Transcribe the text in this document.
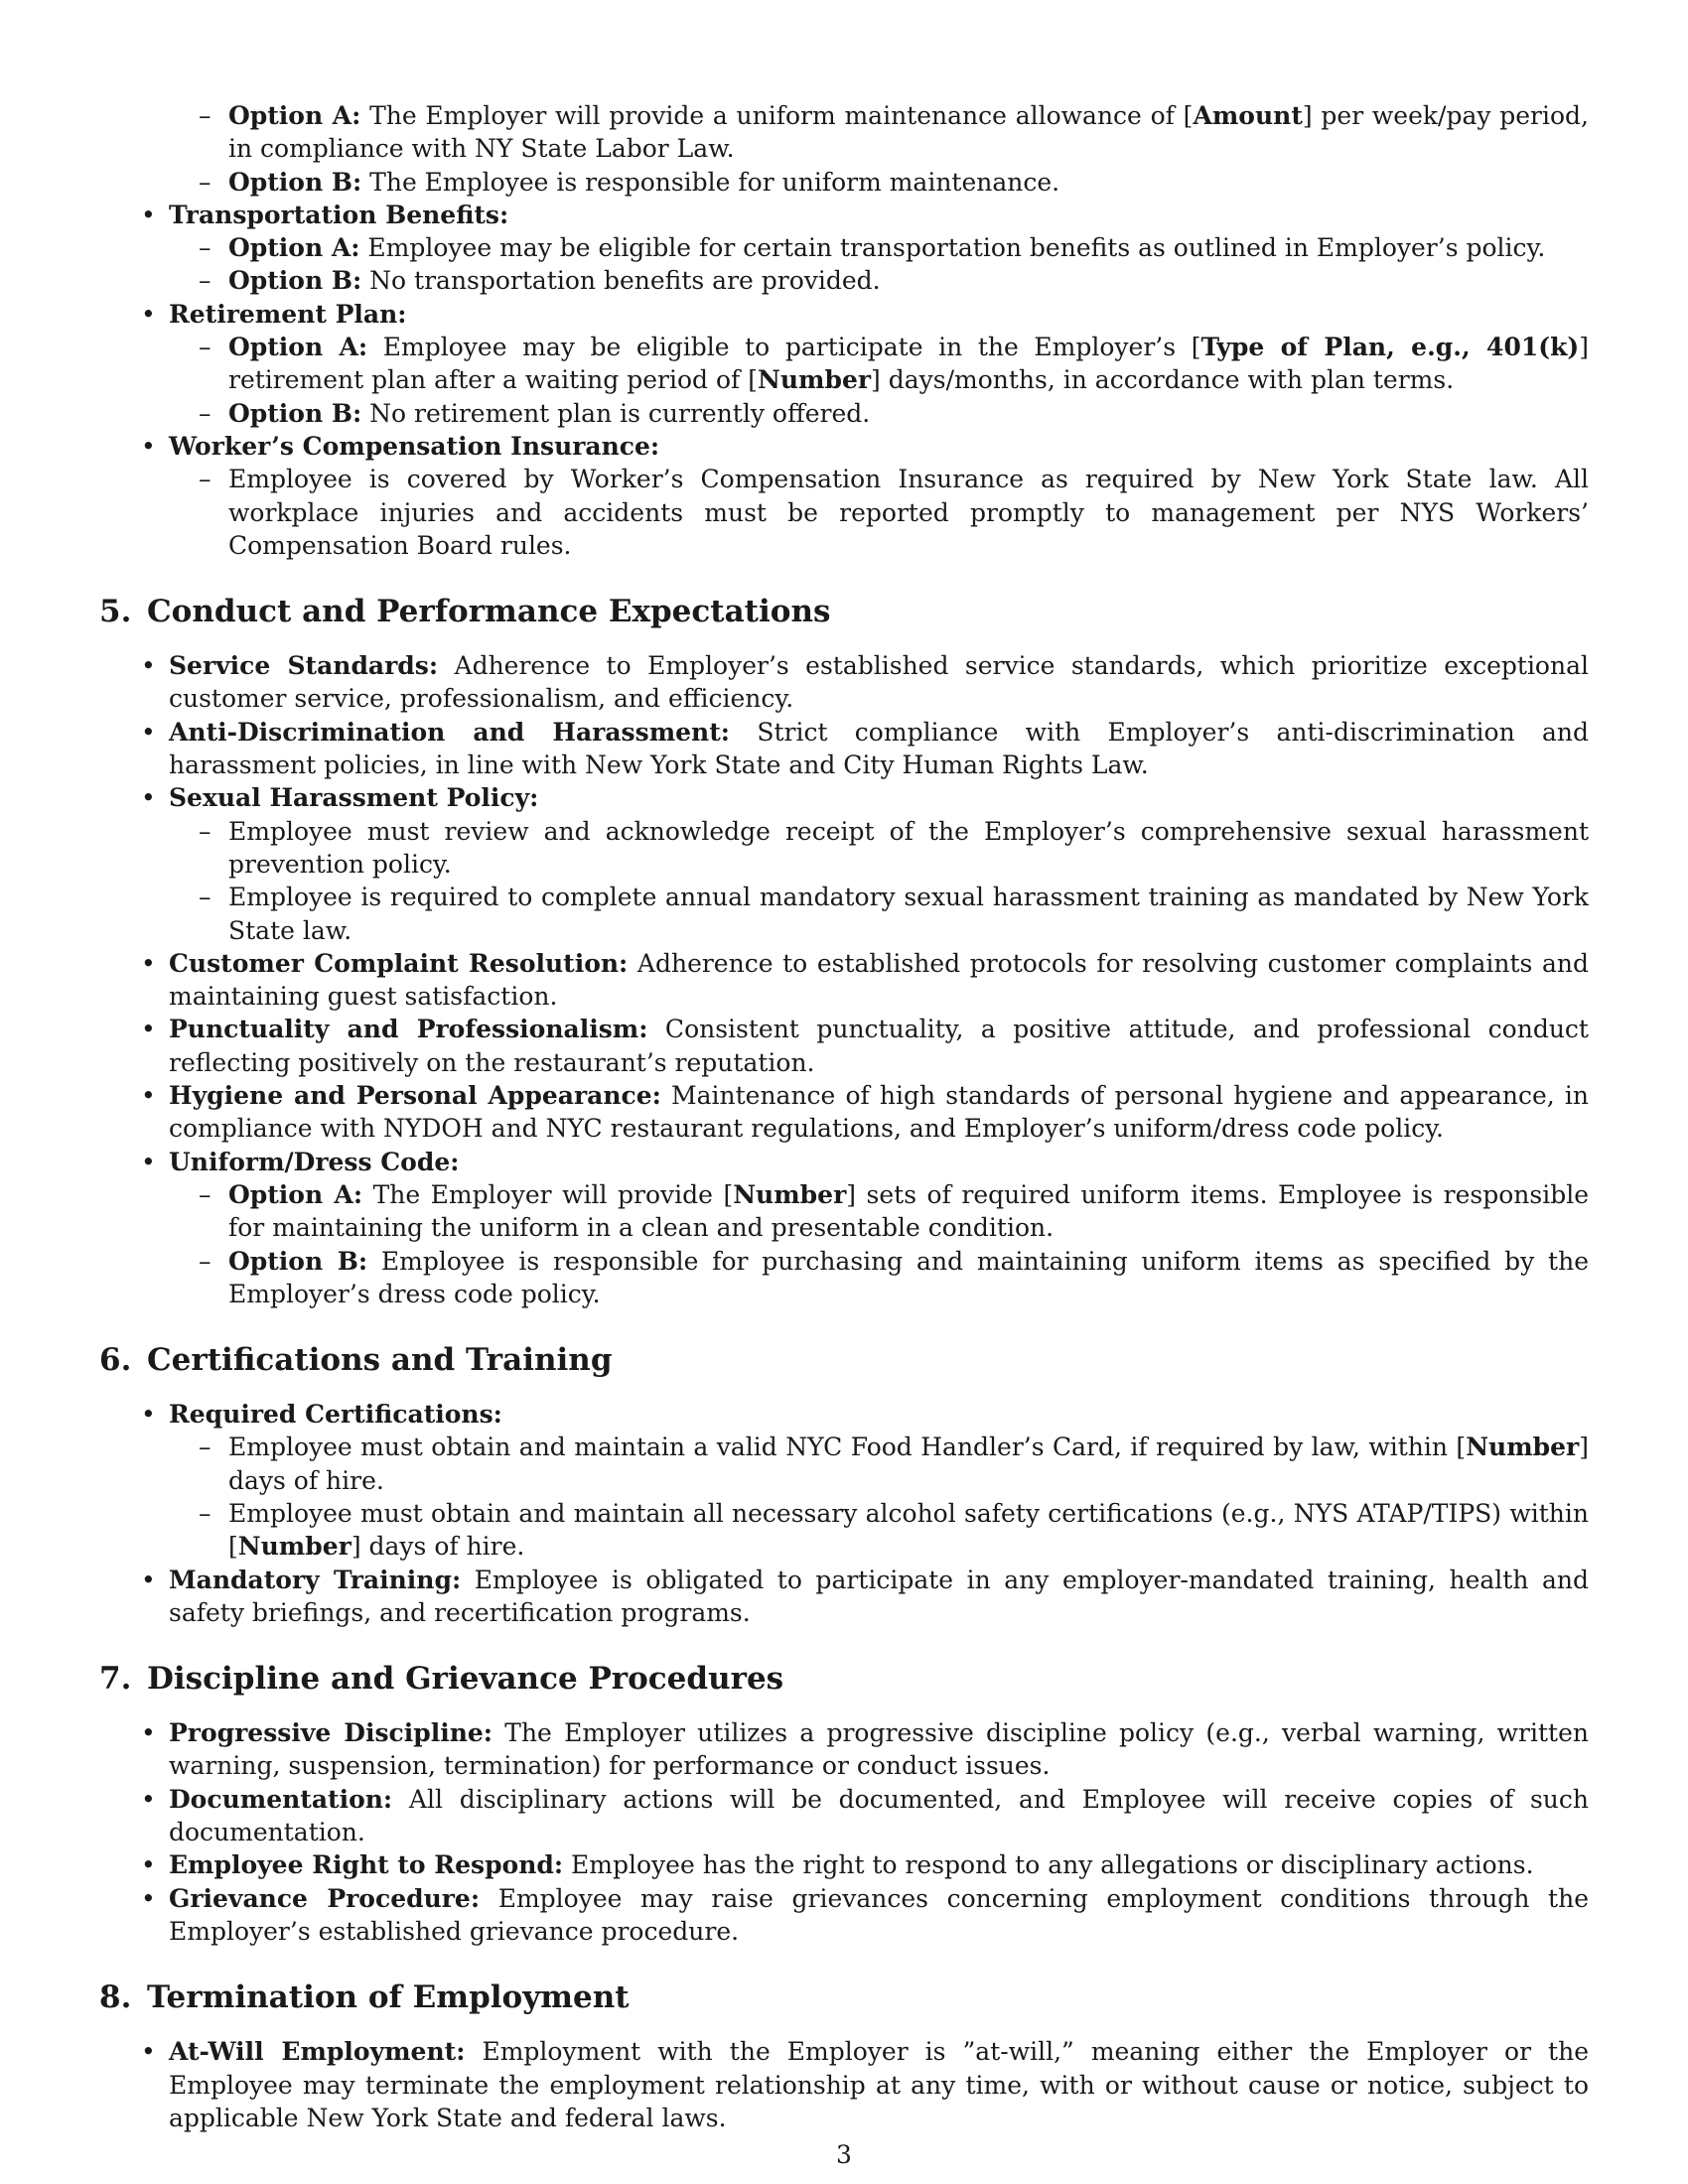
– Option A: The Employer will provide a uniform maintenance allowance of [Amount] per week/pay period, in compliance with NY State Labor Law.
– Option B: The Employee is responsible for uniform maintenance.
• Transportation Benefits:
– Option A: Employee may be eligible for certain transportation benefits as outlined in Employer’s policy.
– Option B: No transportation benefits are provided.
• Retirement Plan:
– Option A: Employee may be eligible to participate in the Employer’s [Type of Plan, e.g., 401(k)] retirement plan after a waiting period of [Number] days/months, in accordance with plan terms.
– Option B: No retirement plan is currently offered.
• Worker’s Compensation Insurance:
– Employee is covered by Worker’s Compensation Insurance as required by New York State law. All workplace injuries and accidents must be reported promptly to management per NYS Workers’ Compensation Board rules.
5. Conduct and Performance Expectations
• Service Standards: Adherence to Employer’s established service standards, which prioritize exceptional customer service, professionalism, and efficiency.
• Anti-Discrimination and Harassment: Strict compliance with Employer’s anti-discrimination and harassment policies, in line with New York State and City Human Rights Law.
• Sexual Harassment Policy:
– Employee must review and acknowledge receipt of the Employer’s comprehensive sexual harassment prevention policy.
– Employee is required to complete annual mandatory sexual harassment training as mandated by New York State law.
• Customer Complaint Resolution: Adherence to established protocols for resolving customer complaints and maintaining guest satisfaction.
• Punctuality and Professionalism: Consistent punctuality, a positive attitude, and professional conduct reflecting positively on the restaurant’s reputation.
• Hygiene and Personal Appearance: Maintenance of high standards of personal hygiene and appearance, in compliance with NYDOH and NYC restaurant regulations, and Employer’s uniform/dress code policy.
• Uniform/Dress Code:
– Option A: The Employer will provide [Number] sets of required uniform items. Employee is responsible for maintaining the uniform in a clean and presentable condition.
– Option B: Employee is responsible for purchasing and maintaining uniform items as specified by the Employer’s dress code policy.
6. Certifications and Training
• Required Certifications:
– Employee must obtain and maintain a valid NYC Food Handler’s Card, if required by law, within [Number] days of hire.
– Employee must obtain and maintain all necessary alcohol safety certifications (e.g., NYS ATAP/TIPS) within [Number] days of hire.
• Mandatory Training: Employee is obligated to participate in any employer-mandated training, health and safety briefings, and recertification programs.
7. Discipline and Grievance Procedures
• Progressive Discipline: The Employer utilizes a progressive discipline policy (e.g., verbal warning, written warning, suspension, termination) for performance or conduct issues.
• Documentation: All disciplinary actions will be documented, and Employee will receive copies of such documentation.
• Employee Right to Respond: Employee has the right to respond to any allegations or disciplinary actions.
• Grievance Procedure: Employee may raise grievances concerning employment conditions through the Employer’s established grievance procedure.
8. Termination of Employment
• At-Will Employment: Employment with the Employer is ”at-will,” meaning either the Employer or the Employee may terminate the employment relationship at any time, with or without cause or notice, subject to applicable New York State and federal laws.
3
